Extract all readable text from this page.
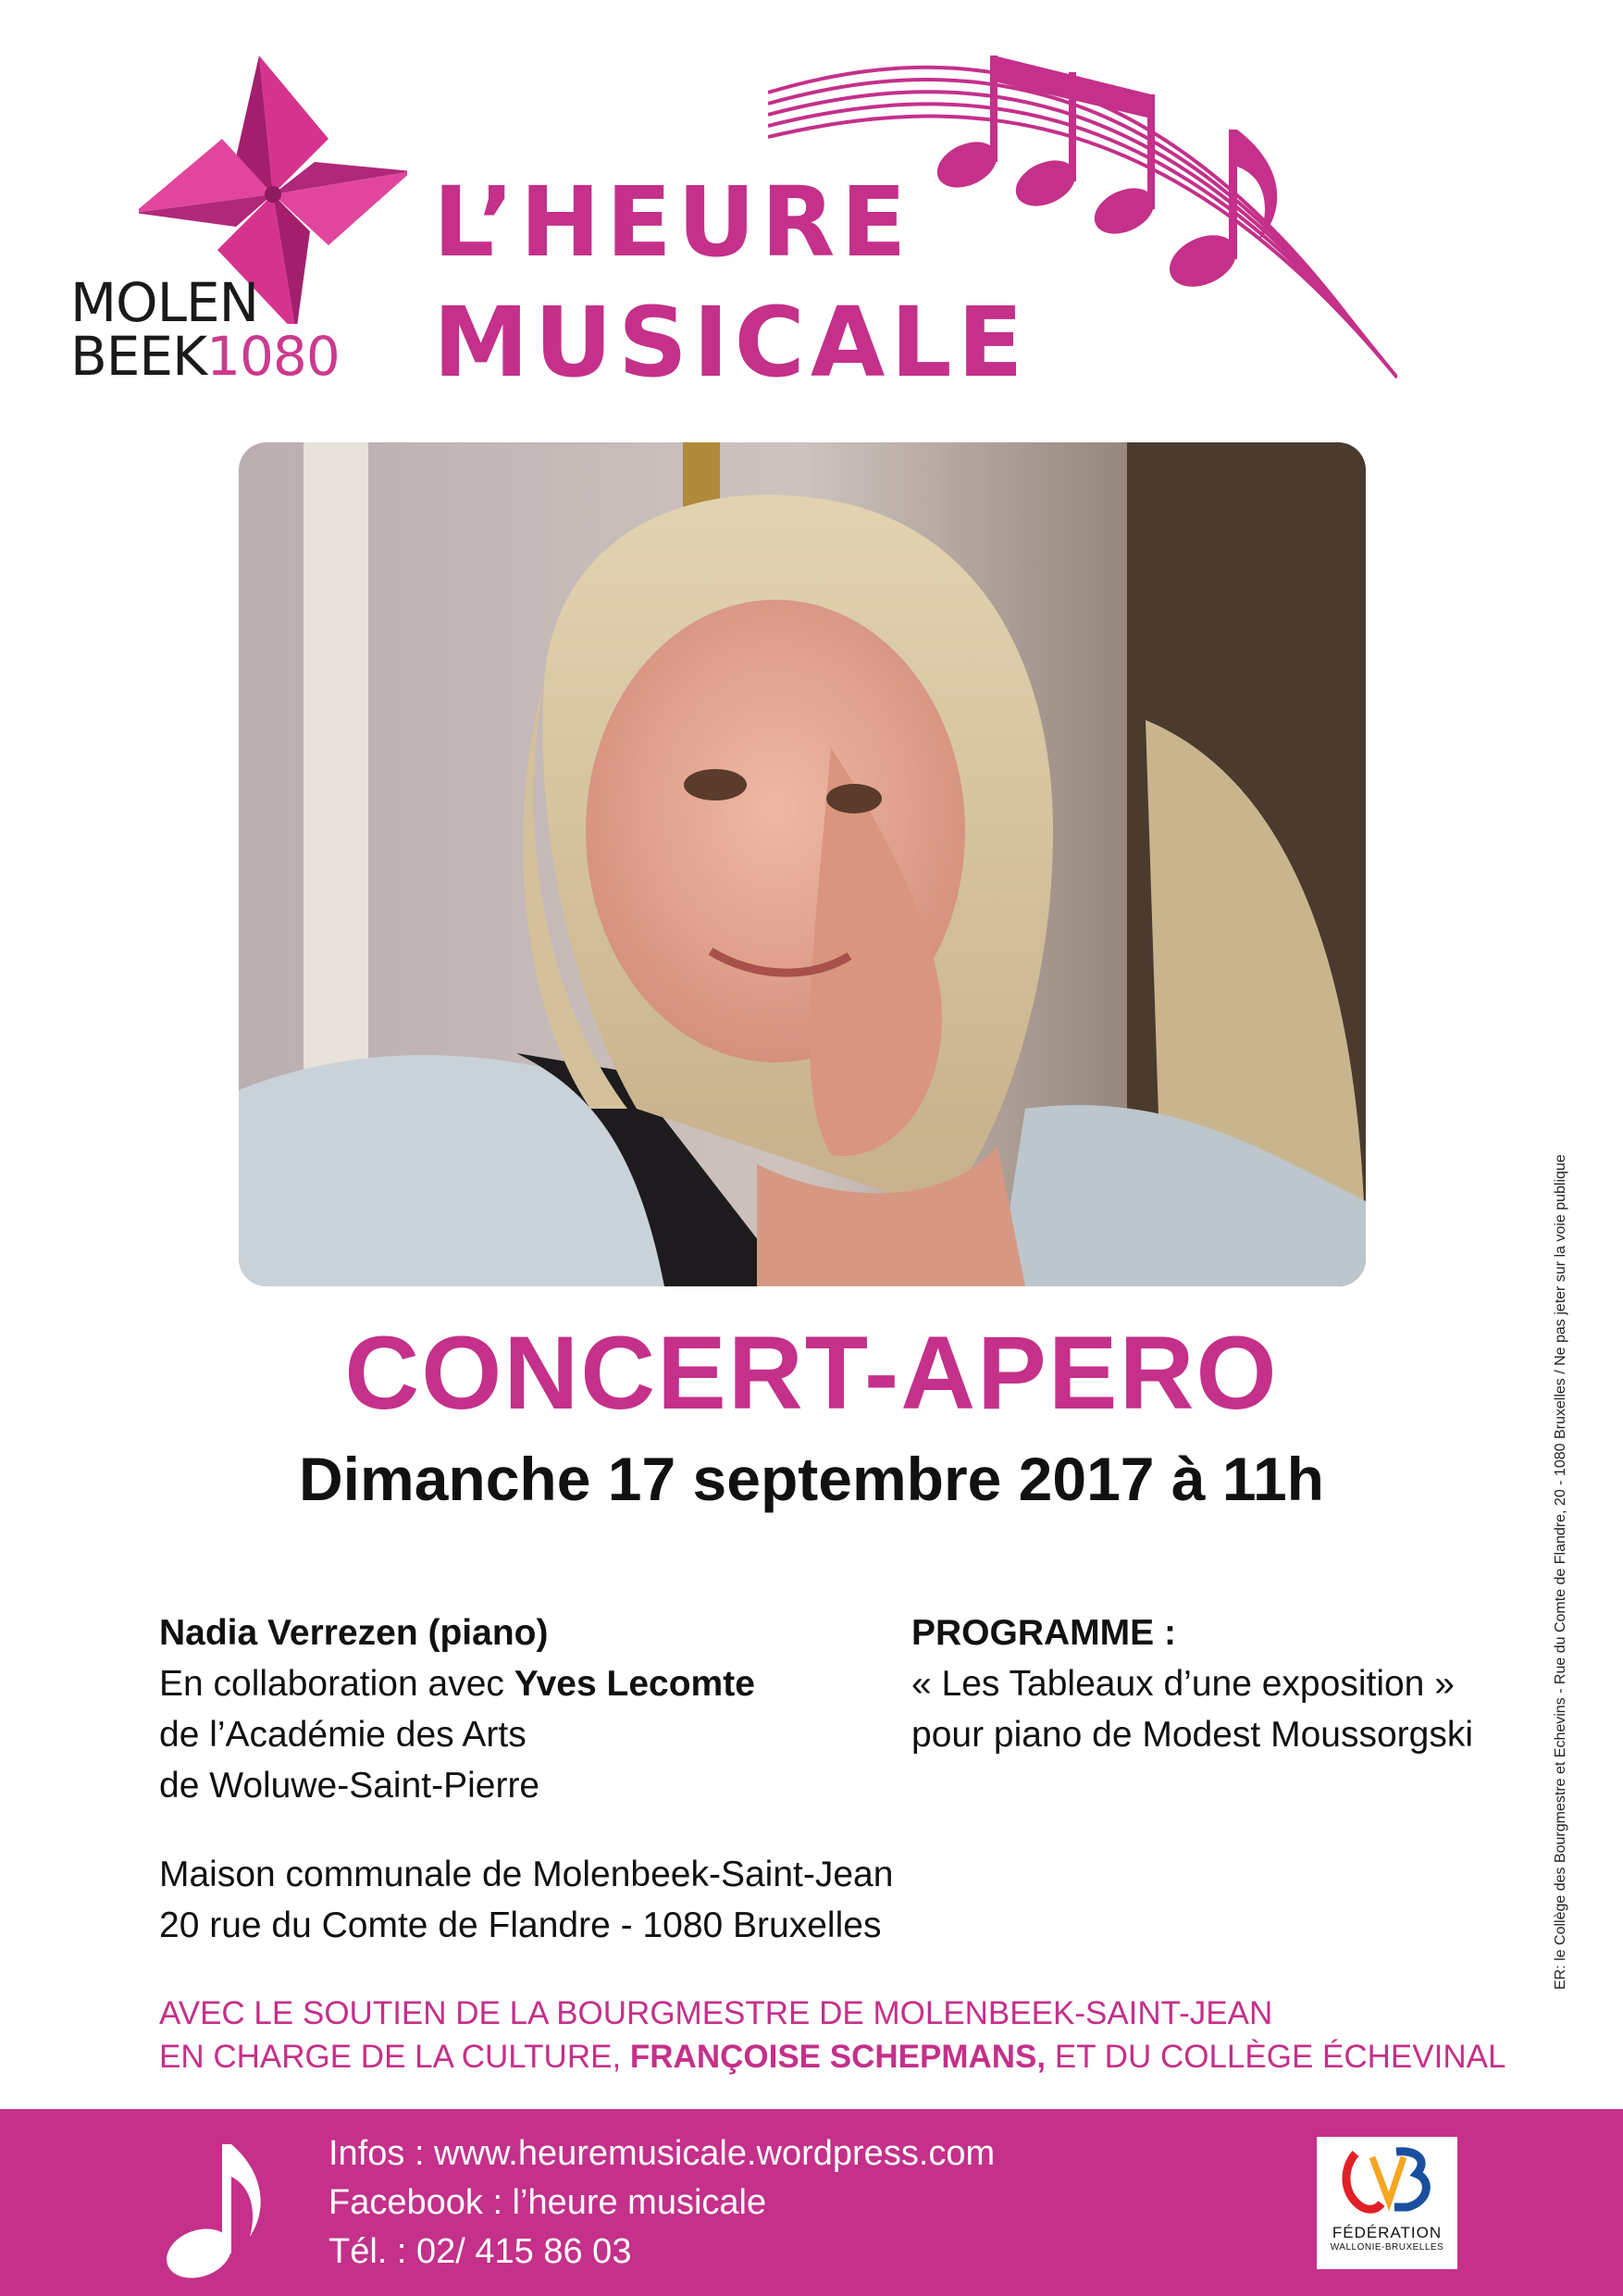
MOLEN
BEEK1080
L’HEURE
MUSICALE
CONCERT-APERO
Dimanche 17 septembre 2017 à 11h
Nadia Verrezen (piano)
En collaboration avec Yves Lecomte
de l’Académie des Arts
de Woluwe-Saint-Pierre
PROGRAMME :
« Les Tableaux d’une exposition »
pour piano de Modest Moussorgski
Maison communale de Molenbeek-Saint-Jean
20 rue du Comte de Flandre - 1080 Bruxelles
AVEC LE SOUTIEN DE LA BOURGMESTRE DE MOLENBEEK-SAINT-JEAN
EN CHARGE DE LA CULTURE, FRANÇOISE SCHEPMANS, ET DU COLLÈGE ÉCHEVINAL
ER: le Collège des Bourgmestre et Echevins - Rue du Comte de Flandre, 20 - 1080 Bruxelles / Ne pas jeter sur la voie publique
Infos : www.heuremusicale.wordpress.com
Facebook : l’heure musicale
Tél. : 02/ 415 86 03	FÉDÉRATION
WALLONIE-BRUXELLES
